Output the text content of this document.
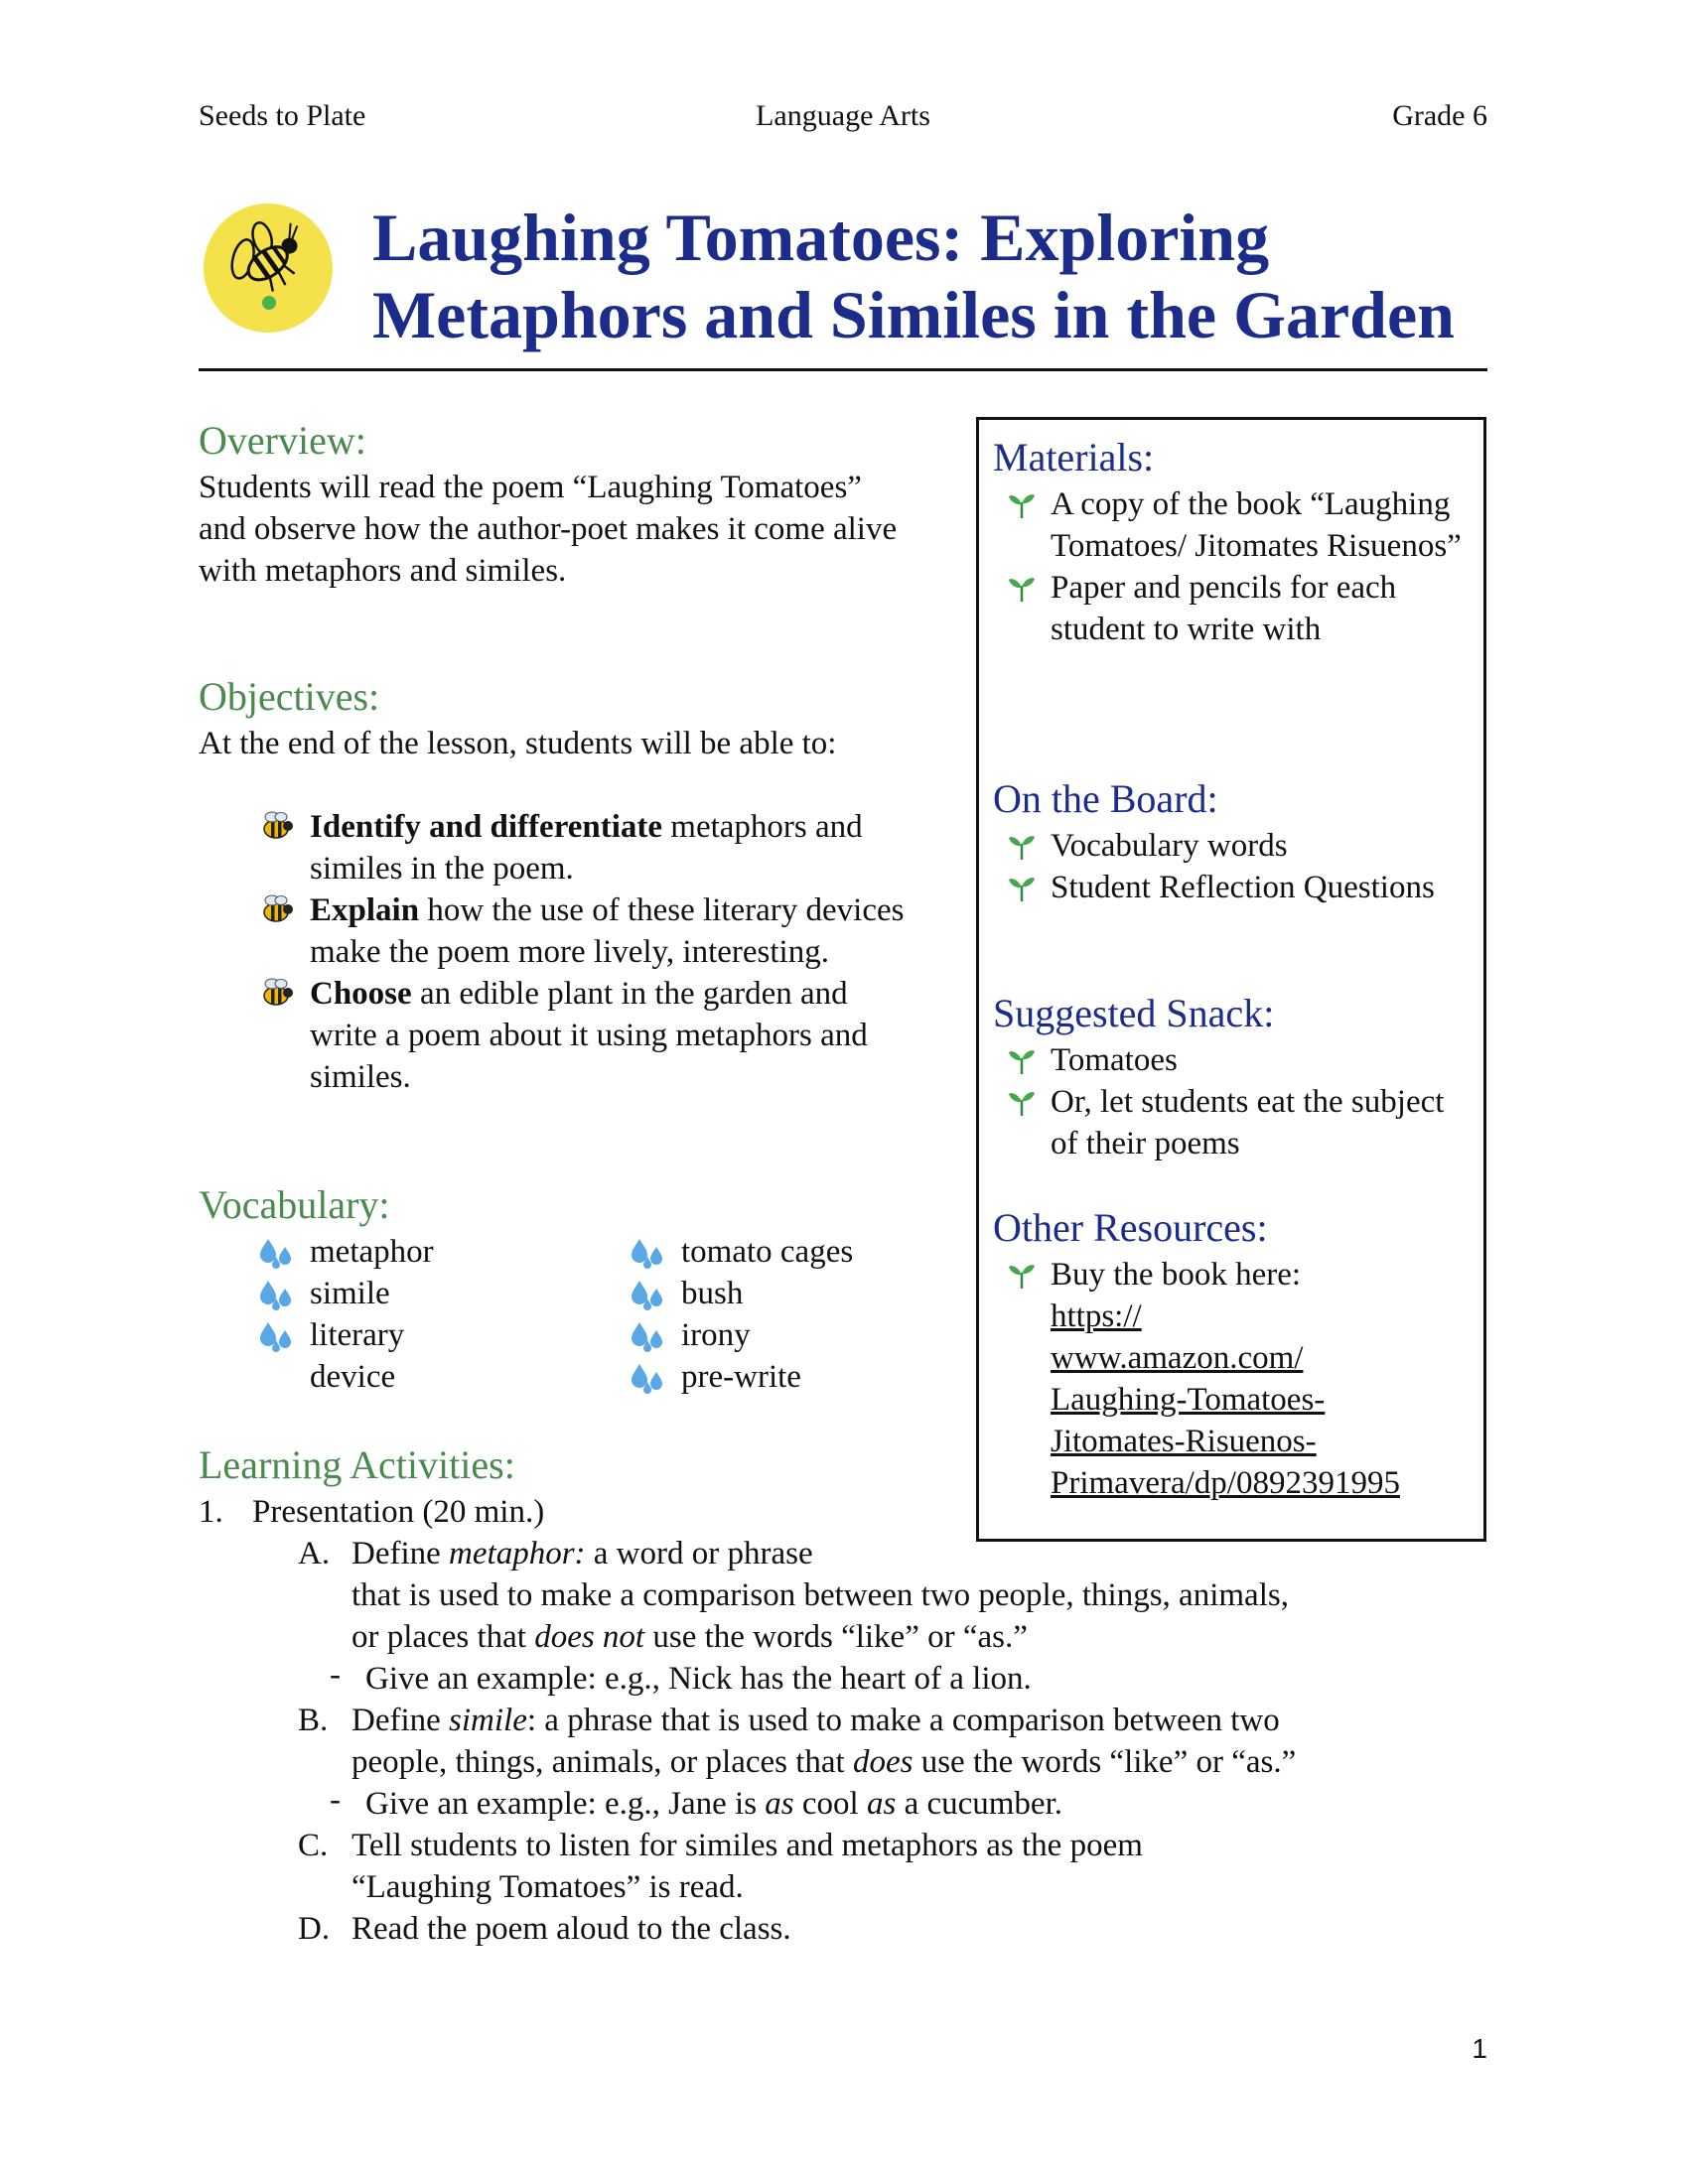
Seeds to Plate	Language Arts	Grade 6
Laughing Tomatoes: Exploring
Metaphors and Similes in the Garden
Overview:
Students will read the poem “Laughing Tomatoes” and observe how the author-poet makes it come alive with metaphors and similes.
Objectives:
At the end of the lesson, students will be able to:
Identify and differentiate metaphors and similes in the poem.
Explain how the use of these literary devices make the poem more lively, interesting.
Choose an edible plant in the garden and write a poem about it using metaphors and similes.
Vocabulary:
metaphor
simile
literary device
tomato cages
bush
irony
pre-write
Materials:
A copy of the book “Laughing Tomatoes/ Jitomates Risuenos”
Paper and pencils for each student to write with
On the Board:
Vocabulary words
Student Reflection Questions
Suggested Snack:
Tomatoes
Or, let students eat the subject of their poems
Other Resources:
Buy the book here:
https://
www.amazon.com/
Laughing-Tomatoes-
Jitomates-Risuenos-
Primavera/dp/0892391995
Learning Activities:
1. Presentation (20 min.)
A. Define metaphor: a word or phrase
that is used to make a comparison between two people, things, animals,
or places that does not use the words “like” or “as.”
- Give an example: e.g., Nick has the heart of a lion.
B. Define simile: a phrase that is used to make a comparison between two
people, things, animals, or places that does use the words “like” or “as.”
- Give an example: e.g., Jane is as cool as a cucumber.
C. Tell students to listen for similes and metaphors as the poem
“Laughing Tomatoes” is read.
D. Read the poem aloud to the class.
1
